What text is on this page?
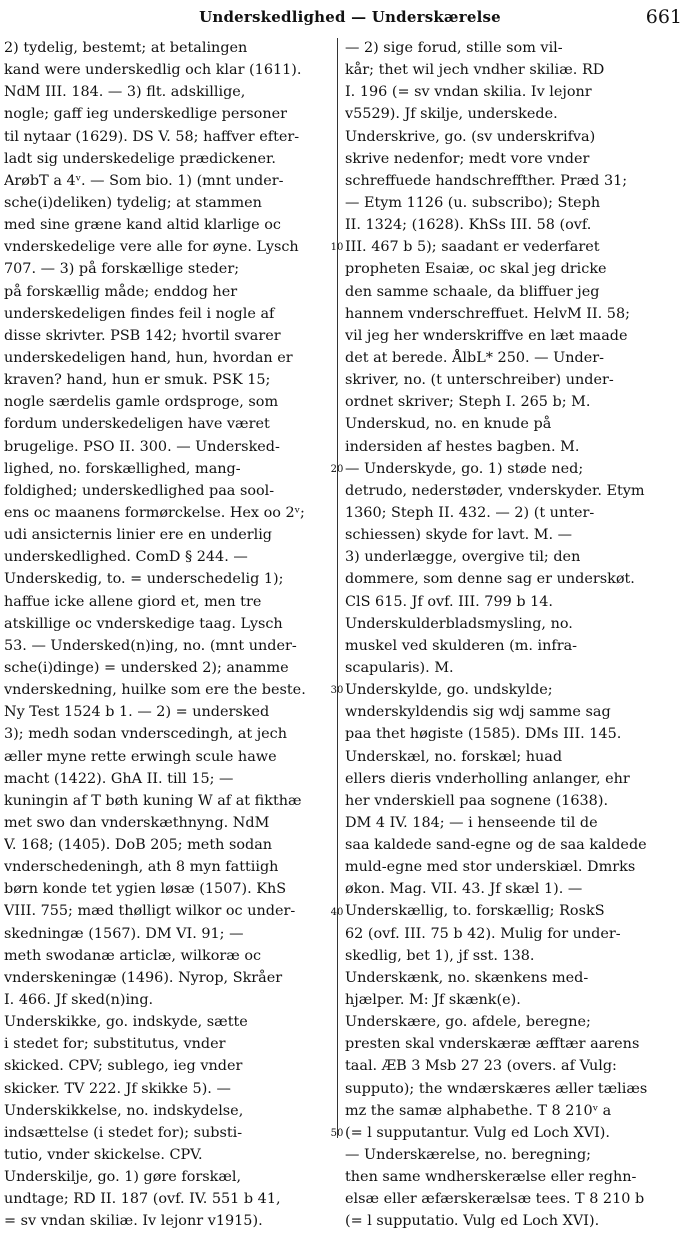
Underskedlighed — Underskærelse	661
2) tydelig, bestemt; at betalingen
kand were underskedlig och klar (1611).
NdM III. 184. — 3) flt. adskillige,
nogle; gaff ieg underskedlige personer
til nytaar (1629). DS V. 58; haffver efter-
ladt sig underskedelige prædickener.
ArøbT a 4ᵛ. — Som bio. 1) (mnt under-
sche(i)deliken) tydelig; at stammen
med sine græne kand altid klarlige oc
vnderskedelige vere alle for øyne. Lysch
707. — 3) på forskællige steder;
på forskællig måde; enddog her
underskedeligen findes feil i nogle af
disse skrivter. PSB 142; hvortil svarer
underskedeligen hand, hun, hvordan er
kraven? hand, hun er smuk. PSK 15;
nogle særdelis gamle ordsproge, som
fordum underskedeligen have været
brugelige. PSO II. 300. — Undersked-
lighed, no. forskællighed, mang-
foldighed; underskedlighed paa sool-
ens oc maanens formørckelse. Hex oo 2ᵛ;
udi ansicternis linier ere en underlig
underskedlighed. ComD § 244. —
Underskedig, to. = underschedelig 1);
haffue icke allene giord et, men tre
atskillige oc vnderskedige taag. Lysch
53. — Undersked(n)ing, no. (mnt under-
sche(i)dinge) = undersked 2); anamme
vnderskedning, huilke som ere the beste.
Ny Test 1524 b 1. — 2) = undersked
3); medh sodan vnderscedingh, at jech
æller myne rette erwingh scule hawe
macht (1422). GhA II. till 15; —
kuningin af T bøth kuning W af at fikthæ
met swo dan vnderskæthnyng. NdM
V. 168; (1405). DoB 205; meth sodan
vnderschedeningh, ath 8 myn fattiigh
børn konde tet ygien løsæ (1507). KhS
VIII. 755; mæd thølligt wilkor oc under-
skedningæ (1567). DM VI. 91; —
meth swodanæ articlæ, wilkoræ oc
vnderskeningæ (1496). Nyrop, Skråer
I. 466. Jf sked(n)ing.
Underskikke, go. indskyde, sætte
i stedet for; substitutus, vnder
skicked. CPV; sublego, ieg vnder
skicker. TV 222. Jf skikke 5). —
Underskikkelse, no. indskydelse,
indsættelse (i stedet for); substi-
tutio, vnder skickelse. CPV.
Underskilje, go. 1) gøre forskæl,
undtage; RD II. 187 (ovf. IV. 551 b 41,
= sv vndan skiliæ. Iv lejonr v1915).
— 2) sige forud, stille som vil-
kår; thet wil jech vndher skiliæ. RD
I. 196 (= sv vndan skilia. Iv lejonr
v5529). Jf skilje, underskede.
Underskrive, go. (sv underskrifva)
skrive nedenfor; medt vore vnder
schreffuede handschreffther. Præd 31;
— Etym 1126 (u. subscribo); Steph
II. 1324; (1628). KhSs III. 58 (ovf.
III. 467 b 5); saadant er vederfaret
propheten Esaiæ, oc skal jeg dricke
den samme schaale, da bliffuer jeg
hannem vnderschreffuet. HelvM II. 58;
vil jeg her wnderskriffve en læt maade
det at berede. ÅlbL* 250. — Under-
skriver, no. (t unterschreiber) under-
ordnet skriver; Steph I. 265 b; M.
Underskud, no. en knude på
indersiden af hestes bagben. M.
— Underskyde, go. 1) støde ned;
detrudo, nederstøder, vnderskyder. Etym
1360; Steph II. 432. — 2) (t unter-
schiessen) skyde for lavt. M. —
3) underlægge, overgive til; den
dommere, som denne sag er underskøt.
ClS 615. Jf ovf. III. 799 b 14.
Underskulderbladsmysling, no.
muskel ved skulderen (m. infra-
scapularis). M.
Underskylde, go. undskylde;
wnderskyldendis sig wdj samme sag
paa thet høgiste (1585). DMs III. 145.
Underskæl, no. forskæl; huad
ellers dieris vnderholling anlanger, ehr
her vnderskiell paa sognene (1638).
DM 4 IV. 184; — i henseende til de
saa kaldede sand-egne og de saa kaldede
muld-egne med stor underskiæl. Dmrks
økon. Mag. VII. 43. Jf skæl 1). —
Underskællig, to. forskællig; RoskS
62 (ovf. III. 75 b 42). Mulig for under-
skedlig, bet 1), jf sst. 138.
Underskænk, no. skænkens med-
hjælper. M: Jf skænk(e).
Underskære, go. afdele, beregne;
presten skal vnderskæræ æfftær aarens
taal. ÆB 3 Msb 27 23 (overs. af Vulg:
supputo); the wndærskæres æller tæliæs
mz the samæ alphabethe. T 8 210ᵛ a
(= l supputantur. Vulg ed Loch XVI).
— Underskærelse, no. beregning;
then same wndherskerælse eller reghn-
elsæ eller æfærskerælsæ tees. T 8 210 b
(= l supputatio. Vulg ed Loch XVI).
10
20
30
40
50
